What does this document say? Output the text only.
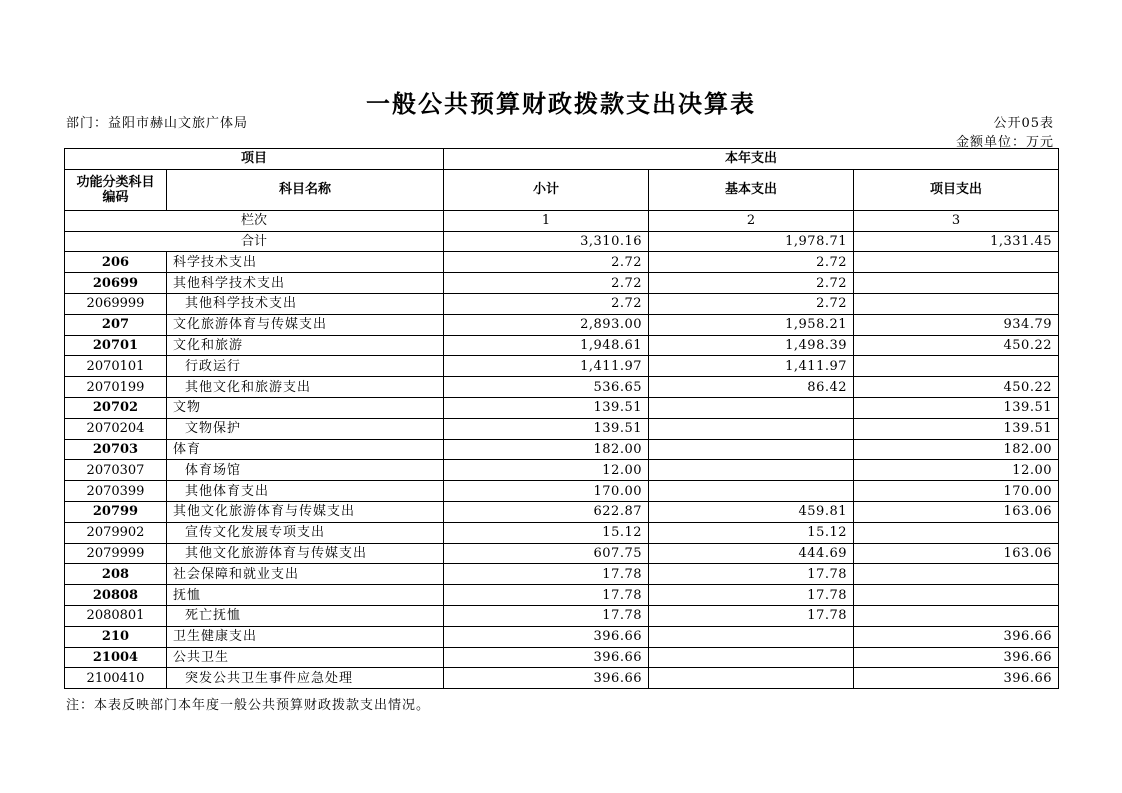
一般公共预算财政拨款支出决算表
部门：益阳市赫山文旅广体局	公开05表
金额单位：万元
项目		本年支出		
功能分类科目编码	科目名称	小计	基本支出	项目支出
栏次		1	2	3
合计		3,310.16	1,978.71	1,331.45
206	科学技术支出	2.72	2.72	
20699	其他科学技术支出	2.72	2.72	
2069999	其他科学技术支出	2.72	2.72	
207	文化旅游体育与传媒支出	2,893.00	1,958.21	934.79
20701	文化和旅游	1,948.61	1,498.39	450.22
2070101	行政运行	1,411.97	1,411.97	
2070199	其他文化和旅游支出	536.65	86.42	450.22
20702	文物	139.51		139.51
2070204	文物保护	139.51		139.51
20703	体育	182.00		182.00
2070307	体育场馆	12.00		12.00
2070399	其他体育支出	170.00		170.00
20799	其他文化旅游体育与传媒支出	622.87	459.81	163.06
2079902	宣传文化发展专项支出	15.12	15.12	
2079999	其他文化旅游体育与传媒支出	607.75	444.69	163.06
208	社会保障和就业支出	17.78	17.78	
20808	抚恤	17.78	17.78	
2080801	死亡抚恤	17.78	17.78	
210	卫生健康支出	396.66		396.66
21004	公共卫生	396.66		396.66
2100410	突发公共卫生事件应急处理	396.66		396.66
注：本表反映部门本年度一般公共预算财政拨款支出情况。
